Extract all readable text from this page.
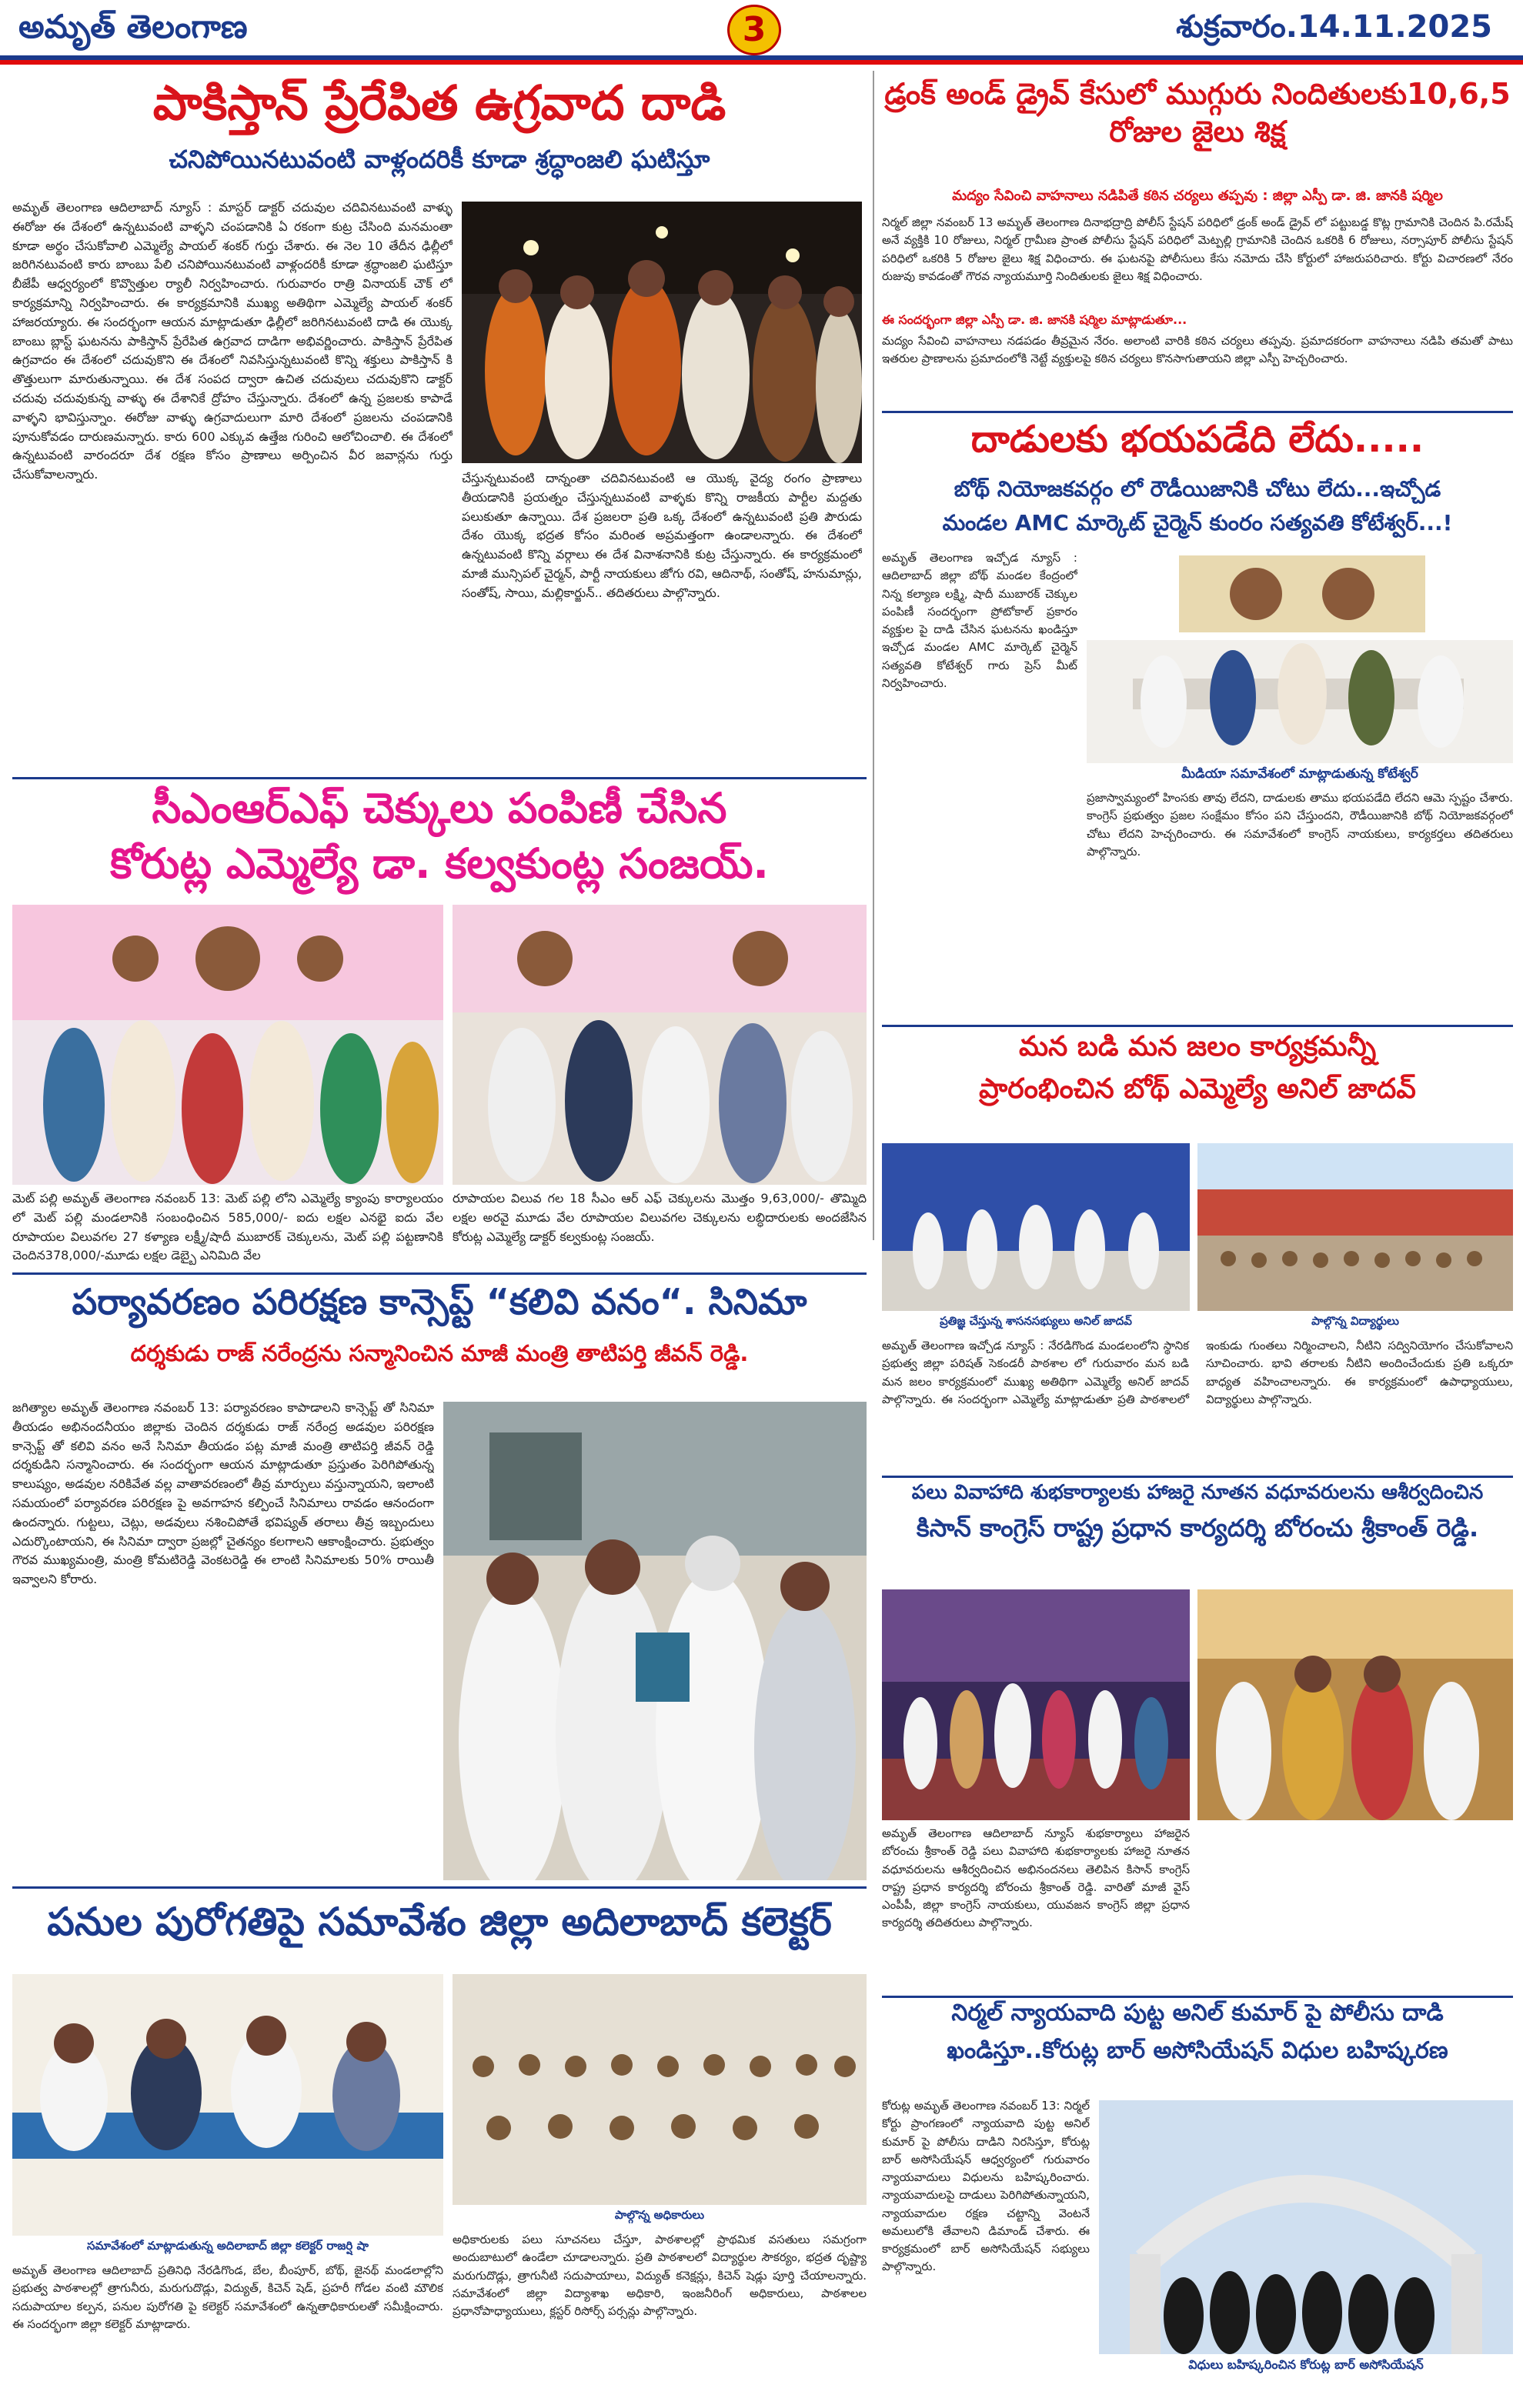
అమృత్ తెలంగాణ	3	శుక్రవారం.14.11.2025
పాకిస్తాన్ ప్రేరేపిత ఉగ్రవాద దాడి
చనిపోయినటువంటి వాళ్లందరికీ కూడా శ్రద్ధాంజలి ఘటిస్తూ
అమృత్ తెలంగాణ ఆదిలాబాద్ న్యూస్ : మాస్టర్ డాక్టర్ చదువుల చదివినటువంటి వాళ్ళు ఈరోజు ఈ దేశంలో ఉన్నటువంటి వాళ్ళని చంపడానికి ఏ రకంగా కుట్ర చేసింది మనమంతా కూడా అర్థం చేసుకోవాలి ఎమ్మెల్యే పాయల్ శంకర్ గుర్తు చేశారు. ఈ నెల 10 తేదీన ఢిల్లీలో జరిగినటువంటి కారు బాంబు పేలి చనిపోయినటువంటి వాళ్లందరికీ కూడా శ్రద్ధాంజలి ఘటిస్తూ బీజేపీ ఆధ్వర్యంలో కొవ్వొత్తుల ర్యాలీ నిర్వహించారు. గురువారం రాత్రి వినాయక్ చౌక్ లో కార్యక్రమాన్ని నిర్వహించారు. ఈ కార్యక్రమానికి ముఖ్య అతిథిగా ఎమ్మెల్యే పాయల్ శంకర్ హాజరయ్యారు. ఈ సందర్భంగా ఆయన మాట్లాడుతూ ఢిల్లీలో జరిగినటువంటి దాడి ఈ యొక్క బాంబు బ్లాస్ట్ ఘటనను పాకిస్తాన్ ప్రేరేపిత ఉగ్రవాద దాడిగా అభివర్ణించారు. పాకిస్తాన్ ప్రేరేపిత ఉగ్రవాదం ఈ దేశంలో చదువుకొని ఈ దేశంలో నివసిస్తున్నటువంటి కొన్ని శక్తులు పాకిస్తాన్ కి తొత్తులుగా మారుతున్నాయి. ఈ దేశ సంపద ద్వారా ఉచిత చదువులు చదువుకొని డాక్టర్ చదువు చదువుకున్న వాళ్ళు ఈ దేశానికే ద్రోహం చేస్తున్నారు. దేశంలో ఉన్న ప్రజలకు కాపాడే వాళ్ళని భావిస్తున్నాం. ఈరోజు వాళ్ళు ఉగ్రవాదులుగా మారి దేశంలో ప్రజలను చంపడానికి పూనుకోవడం దారుణమన్నారు. కారు 600 ఎక్కువ ఉత్తేజ గురించి ఆలోచించాలి. ఈ దేశంలో ఉన్నటువంటి వారందరూ దేశ రక్షణ కోసం ప్రాణాలు అర్పించిన వీర జవాన్లను గుర్తు చేసుకోవాలన్నారు.	చేస్తున్నటువంటి దాన్నంతా చదివినటువంటి ఆ యొక్క వైద్య రంగం ప్రాణాలు తీయడానికి ప్రయత్నం చేస్తున్నటువంటి వాళ్ళకు కొన్ని రాజకీయ పార్టీల మద్దతు పలుకుతూ ఉన్నాయి. దేశ ప్రజలరా ప్రతి ఒక్క దేశంలో ఉన్నటువంటి ప్రతి పౌరుడు దేశం యొక్క భద్రత కోసం మరింత అప్రమత్తంగా ఉండాలన్నారు. ఈ దేశంలో ఉన్నటువంటి కొన్ని వర్గాలు ఈ దేశ వినాశనానికి కుట్ర చేస్తున్నారు. ఈ కార్యక్రమంలో మాజీ మున్సిపల్ చైర్మన్, పార్టీ నాయకులు జోగు రవి, ఆదినాథ్, సంతోష్, హనుమాన్లు, సంతోష్, సాయి, మల్లికార్జున్.. తదితరులు పాల్గొన్నారు.
డ్రంక్ అండ్ డ్రైవ్ కేసులో ముగ్గురు నిందితులకు10,6,5 రోజుల జైలు శిక్ష
మద్యం సేవించి వాహనాలు నడిపితే కఠిన చర్యలు తప్పవు : జిల్లా ఎస్పీ డా. జి. జానకి షర్మిల
నిర్మల్ జిల్లా నవంబర్ 13 అమృత్ తెలంగాణ దినాభద్రాద్రి పోలీస్ స్టేషన్ పరిధిలో డ్రంక్ అండ్ డ్రైవ్ లో పట్టుబడ్డ కొట్ల గ్రామానికి చెందిన పి.రమేష్ అనే వ్యక్తికి 10 రోజులు, నిర్మల్ గ్రామీణ ప్రాంత పోలీసు స్టేషన్ పరిధిలో మెట్పల్లి గ్రామానికి చెందిన ఒకరికి 6 రోజులు, నర్సాపూర్ పోలీసు స్టేషన్ పరిధిలో ఒకరికి 5 రోజుల జైలు శిక్ష విధించారు. ఈ ఘటనపై పోలీసులు కేసు నమోదు చేసి కోర్టులో హాజరుపరిచారు. కోర్టు విచారణలో నేరం రుజువు కావడంతో గౌరవ న్యాయమూర్తి నిందితులకు జైలు శిక్ష విధించారు.
ఈ సందర్భంగా జిల్లా ఎస్పీ డా. జి. జానకి షర్మిల మాట్లాడుతూ...
మద్యం సేవించి వాహనాలు నడపడం తీవ్రమైన నేరం. అలాంటి వారికి కఠిన చర్యలు తప్పవు. ప్రమాదకరంగా వాహనాలు నడిపి తమతో పాటు ఇతరుల ప్రాణాలను ప్రమాదంలోకి నెట్టే వ్యక్తులపై కఠిన చర్యలు కొనసాగుతాయని జిల్లా ఎస్పీ హెచ్చరించారు.
దాడులకు భయపడేది లేదు.....
బోథ్ నియోజకవర్గం లో రౌడీయిజానికి చోటు లేదు...ఇచ్చోడ
మండల AMC మార్కెట్ చైర్మెన్ కుంరం సత్యవతి కోటేశ్వర్...!
అమృత్ తెలంగాణ ఇచ్చోడ న్యూస్ : ఆదిలాబాద్ జిల్లా బోథ్ మండల కేంద్రంలో నిన్న కల్యాణ లక్ష్మి, షాదీ ముబారక్ చెక్కుల పంపిణీ సందర్భంగా ప్రోటోకాల్ ప్రకారం వ్యక్తుల పై దాడి చేసిన ఘటనను ఖండిస్తూ ఇచ్చోడ మండల AMC మార్కెట్ చైర్మెన్ సత్యవతి కోటేశ్వర్ గారు ప్రెస్ మీట్ నిర్వహించారు.
మీడియా సమావేశంలో మాట్లాడుతున్న కోటేశ్వర్
ప్రజాస్వామ్యంలో హింసకు తావు లేదని, దాడులకు తాము భయపడేది లేదని ఆమె స్పష్టం చేశారు. కాంగ్రెస్ ప్రభుత్వం ప్రజల సంక్షేమం కోసం పని చేస్తుందని, రౌడీయిజానికి బోథ్ నియోజకవర్గంలో చోటు లేదని హెచ్చరించారు. ఈ సమావేశంలో కాంగ్రెస్ నాయకులు, కార్యకర్తలు తదితరులు పాల్గొన్నారు.
సీఎంఆర్ఎఫ్ చెక్కులు పంపిణీ చేసిన
కోరుట్ల ఎమ్మెల్యే డా. కల్వకుంట్ల సంజయ్.
మెట్ పల్లి అమృత్ తెలంగాణ నవంబర్ 13: మెట్ పల్లి లోని ఎమ్మెల్యే క్యాంపు కార్యాలయం లో మెట్ పల్లి మండలానికి సంబంధించిన 585,000/- ఐదు లక్షల ఎనభై ఐదు వేల రూపాయల విలువగల 27 కళ్యాణ లక్ష్మీ/షాదీ ముబారక్ చెక్కులను, మెట్ పల్లి పట్టణానికి చెందిన378,000/-మూడు లక్షల డెబ్బై ఎనిమిది వేల
రూపాయల విలువ గల 18 సీఎం ఆర్ ఎఫ్ చెక్కులను మొత్తం 9,63,000/- తొమ్మిది లక్షల అరవై మూడు వేల రూపాయల విలువగల చెక్కులను లబ్ధిదారులకు అందజేసిన కోరుట్ల ఎమ్మెల్యే డాక్టర్ కల్వకుంట్ల సంజయ్.
మన బడి మన జలం కార్యక్రమన్నీ
ప్రారంభించిన బోథ్ ఎమ్మెల్యే అనిల్ జాదవ్
ప్రతిజ్ఞ చేస్తున్న శాసనసభ్యులు అనిల్ జాదవ్	పాల్గొన్న విద్యార్థులు
అమృత్ తెలంగాణ ఇచ్చోడ న్యూస్ : నేరడిగొండ మండలంలోని స్థానిక ప్రభుత్వ జిల్లా పరిషత్ సెకండరీ పాఠశాల లో గురువారం మన బడి మన జలం కార్యక్రమంలో ముఖ్య అతిథిగా ఎమ్మెల్యే అనిల్ జాదవ్ పాల్గొన్నారు. ఈ సందర్భంగా ఎమ్మెల్యే మాట్లాడుతూ ప్రతి పాఠశాలలో ఇంకుడు గుంతలు నిర్మించాలని, నీటిని సద్వినియోగం చేసుకోవాలని సూచించారు. భావి తరాలకు నీటిని అందించేందుకు ప్రతి ఒక్కరూ బాధ్యత వహించాలన్నారు. ఈ కార్యక్రమంలో ఉపాధ్యాయులు, విద్యార్థులు పాల్గొన్నారు.
పర్యావరణం పరిరక్షణ కాన్సెప్ట్ “కలివి వనం“. సినిమా
దర్శకుడు రాజ్ నరేంద్రను సన్మానించిన మాజీ మంత్రి తాటిపర్తి జీవన్ రెడ్డి.
జగిత్యాల అమృత్ తెలంగాణ నవంబర్ 13: పర్యావరణం కాపాడాలని కాన్సెప్ట్ తో సినిమా తీయడం అభినందనీయం జిల్లాకు చెందిన దర్శకుడు రాజ్ నరేంద్ర అడవుల పరిరక్షణ కాన్సెప్ట్ తో కలివి వనం అనే సినిమా తీయడం పట్ల మాజీ మంత్రి తాటిపర్తి జీవన్ రెడ్డి దర్శకుడిని సన్మానించారు. ఈ సందర్భంగా ఆయన మాట్లాడుతూ ప్రస్తుతం పెరిగిపోతున్న కాలుష్యం, అడవుల నరికివేత వల్ల వాతావరణంలో తీవ్ర మార్పులు వస్తున్నాయని, ఇలాంటి సమయంలో పర్యావరణ పరిరక్షణ పై అవగాహన కల్పించే సినిమాలు రావడం ఆనందంగా ఉందన్నారు. గుట్టలు, చెట్లు, అడవులు నశించిపోతే భవిష్యత్ తరాలు తీవ్ర ఇబ్బందులు ఎదుర్కొంటాయని, ఈ సినిమా ద్వారా ప్రజల్లో చైతన్యం కలగాలని ఆకాంక్షించారు. ప్రభుత్వం గౌరవ ముఖ్యమంత్రి, మంత్రి కోమటిరెడ్డి వెంకటరెడ్డి ఈ లాంటి సినిమాలకు 50% రాయితీ ఇవ్వాలని కోరారు.
పలు వివాహాది శుభకార్యాలకు హాజరై నూతన వధూవరులను ఆశీర్వదించిన
కిసాన్ కాంగ్రెస్ రాష్ట్ర ప్రధాన కార్యదర్శి బోరంచు శ్రీకాంత్ రెడ్డి.
అమృత్ తెలంగాణ ఆదిలాబాద్ న్యూస్ శుభకార్యాలు హాజరైన బోరంచు శ్రీకాంత్ రెడ్డి పలు వివాహాది శుభకార్యాలకు హాజరై నూతన వధూవరులను ఆశీర్వదించిన అభినందనలు తెలిపిన కిసాన్ కాంగ్రెస్ రాష్ట్ర ప్రధాన కార్యదర్శి బోరంచు శ్రీకాంత్ రెడ్డి. వారితో మాజీ వైస్ ఎంపీపీ, జిల్లా కాంగ్రెస్ నాయకులు, యువజన కాంగ్రెస్ జిల్లా ప్రధాన కార్యదర్శి తదితరులు పాల్గొన్నారు.
పనుల పురోగతిపై సమావేశం జిల్లా అదిలాబాద్ కలెక్టర్
సమావేశంలో మాట్లాడుతున్న అదిలాబాద్ జిల్లా కలెక్టర్ రాజర్షి షా
పాల్గొన్న అధికారులు
అమృత్ తెలంగాణ ఆదిలాబాద్ ప్రతినిధి నేరడిగొండ, బేల, బీంపూర్, బోథ్, జైనథ్ మండలాల్లోని ప్రభుత్వ పాఠశాలల్లో త్రాగునీరు, మరుగుదొడ్లు, విద్యుత్, కిచెన్ షెడ్, ప్రహరీ గోడల వంటి మౌలిక సదుపాయాల కల్పన, పనుల పురోగతి పై కలెక్టర్ సమావేశంలో ఉన్నతాధికారులతో సమీక్షించారు. ఈ సందర్భంగా జిల్లా కలెక్టర్ మాట్లాడారు.
అధికారులకు పలు సూచనలు చేస్తూ, పాఠశాలల్లో ప్రాథమిక వసతులు సమగ్రంగా అందుబాటులో ఉండేలా చూడాలన్నారు. ప్రతి పాఠశాలలో విద్యార్థుల సౌకర్యం, భద్రత దృష్ట్యా మరుగుదొడ్లు, త్రాగునీటి సదుపాయాలు, విద్యుత్ కనెక్షన్లు, కిచెన్ షెడ్లు పూర్తి చేయాలన్నారు. సమావేశంలో జిల్లా విద్యాశాఖ అధికారి, ఇంజనీరింగ్ అధికారులు, పాఠశాలల ప్రధానోపాధ్యాయులు, క్లస్టర్ రిసోర్స్ పర్సన్లు పాల్గొన్నారు.
నిర్మల్ న్యాయవాది పుట్ట అనిల్ కుమార్ పై పోలీసు దాడి
ఖండిస్తూ..కోరుట్ల బార్ అసోసియేషన్ విధుల బహిష్కరణ
కోరుట్ల అమృత్ తెలంగాణ నవంబర్ 13: నిర్మల్ కోర్టు ప్రాంగణంలో న్యాయవాది పుట్ట అనిల్ కుమార్ పై పోలీసు దాడిని నిరసిస్తూ, కోరుట్ల బార్ అసోసియేషన్ ఆధ్వర్యంలో గురువారం న్యాయవాదులు విధులను బహిష్కరించారు. న్యాయవాదులపై దాడులు పెరిగిపోతున్నాయని, న్యాయవాదుల రక్షణ చట్టాన్ని వెంటనే అమలులోకి తేవాలని డిమాండ్ చేశారు. ఈ కార్యక్రమంలో బార్ అసోసియేషన్ సభ్యులు పాల్గొన్నారు.
విధులు బహిష్కరించిన కోరుట్ల బార్ అసోసియేషన్
